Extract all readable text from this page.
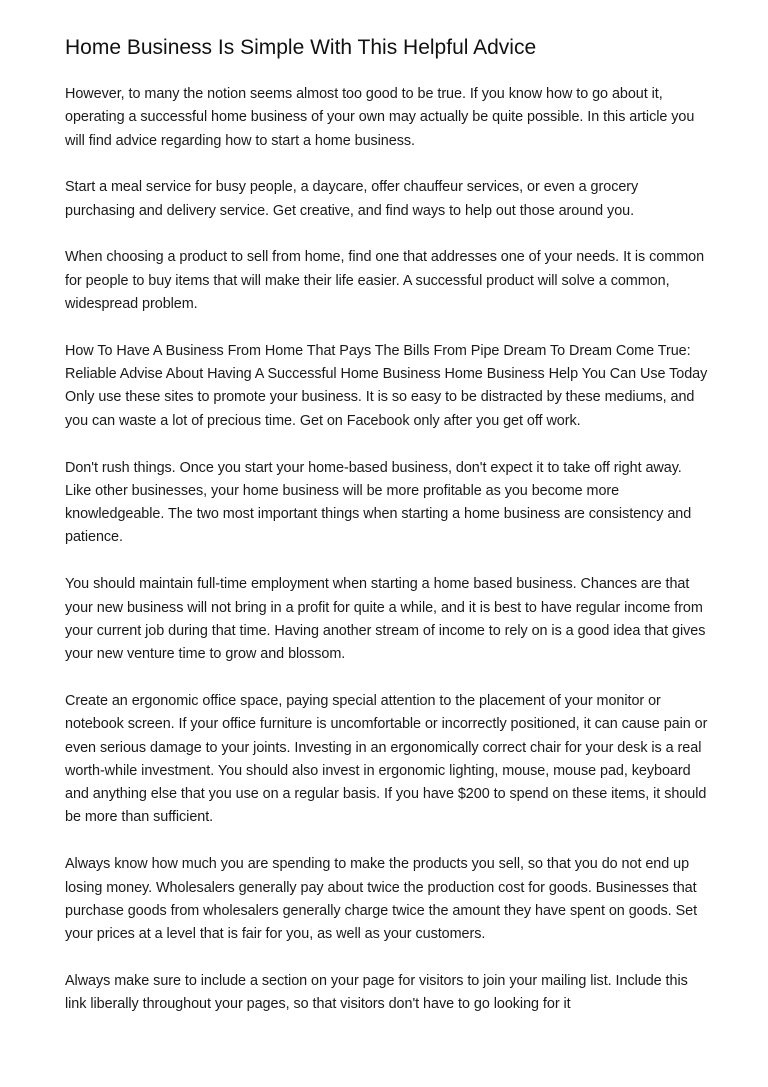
Home Business Is Simple With This Helpful Advice

However, to many the notion seems almost too good to be true. If you know how to go about it, operating a successful home business of your own may actually be quite possible. In this article you will find advice regarding how to start a home business.

Start a meal service for busy people, a daycare, offer chauffeur services, or even a grocery purchasing and delivery service. Get creative, and find ways to help out those around you.

When choosing a product to sell from home, find one that addresses one of your needs. It is common for people to buy items that will make their life easier. A successful product will solve a common, widespread problem.

How To Have A Business From Home That Pays The Bills From Pipe Dream To Dream Come True: Reliable Advise About Having A Successful Home Business Home Business Help You Can Use Today Only use these sites to promote your business. It is so easy to be distracted by these mediums, and you can waste a lot of precious time. Get on Facebook only after you get off work.

Don't rush things. Once you start your home-based business, don't expect it to take off right away. Like other businesses, your home business will be more profitable as you become more knowledgeable. The two most important things when starting a home business are consistency and patience.

You should maintain full-time employment when starting a home based business. Chances are that your new business will not bring in a profit for quite a while, and it is best to have regular income from your current job during that time. Having another stream of income to rely on is a good idea that gives your new venture time to grow and blossom.

Create an ergonomic office space, paying special attention to the placement of your monitor or notebook screen. If your office furniture is uncomfortable or incorrectly positioned, it can cause pain or even serious damage to your joints. Investing in an ergonomically correct chair for your desk is a real worth-while investment. You should also invest in ergonomic lighting, mouse, mouse pad, keyboard and anything else that you use on a regular basis. If you have $200 to spend on these items, it should be more than sufficient.

Always know how much you are spending to make the products you sell, so that you do not end up losing money. Wholesalers generally pay about twice the production cost for goods. Businesses that purchase goods from wholesalers generally charge twice the amount they have spent on goods. Set your prices at a level that is fair for you, as well as your customers.

Always make sure to include a section on your page for visitors to join your mailing list. Include this link liberally throughout your pages, so that visitors don't have to go looking for it
